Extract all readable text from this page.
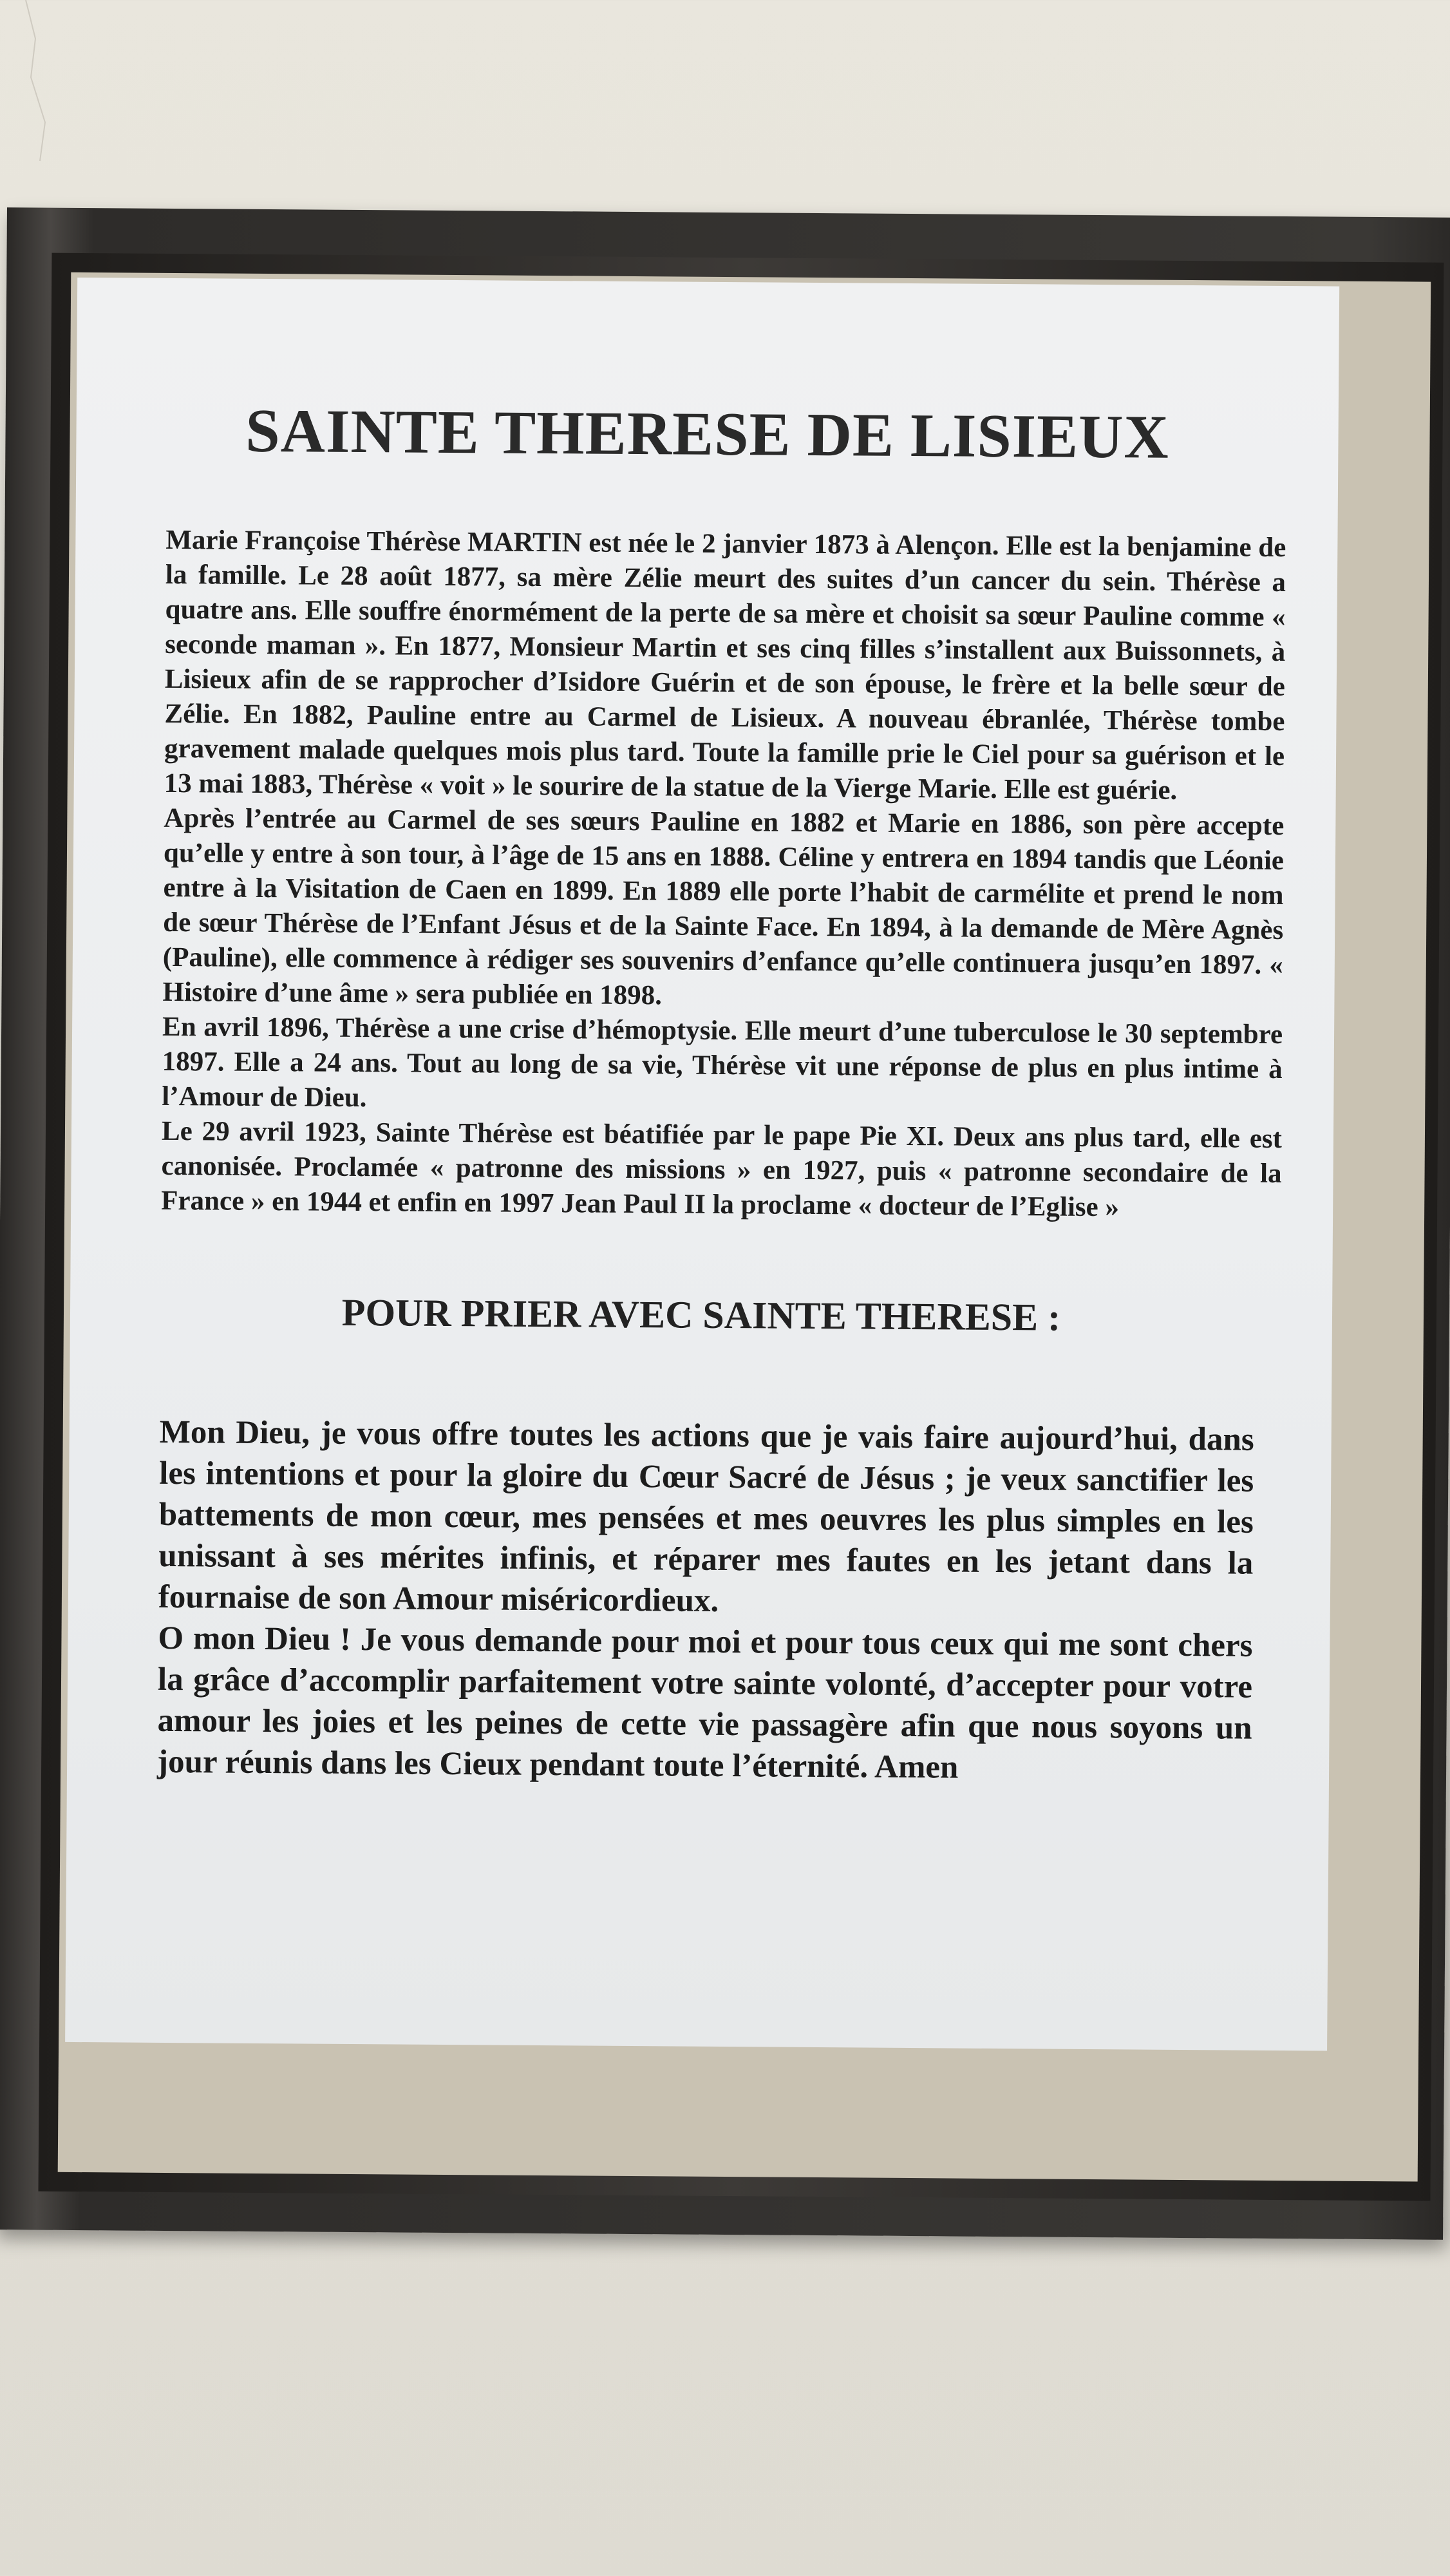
SAINTE THERESE DE LISIEUX

Marie Françoise Thérèse MARTIN est née le 2 janvier 1873 à Alençon. Elle est la benjamine de la famille. Le 28 août 1877, sa mère Zélie meurt des suites d’un cancer du sein. Thérèse a quatre ans. Elle souffre énormément de la perte de sa mère et choisit sa sœur Pauline comme « seconde maman ». En 1877, Monsieur Martin et ses cinq filles s’installent aux Buissonnets, à Lisieux afin de se rapprocher d’Isidore Guérin et de son épouse, le frère et la belle sœur de Zélie. En 1882, Pauline entre au Carmel de Lisieux. A nouveau ébranlée, Thérèse tombe gravement malade quelques mois plus tard. Toute la famille prie le Ciel pour sa guérison et le 13 mai 1883, Thérèse « voit » le sourire de la statue de la Vierge Marie. Elle est guérie.

Après l’entrée au Carmel de ses sœurs Pauline en 1882 et Marie en 1886, son père accepte qu’elle y entre à son tour, à l’âge de 15 ans en 1888. Céline y entrera en 1894 tandis que Léonie entre à la Visitation de Caen en 1899. En 1889 elle porte l’habit de carmélite et prend le nom de sœur Thérèse de l’Enfant Jésus et de la Sainte Face. En 1894, à la demande de Mère Agnès (Pauline), elle commence à rédiger ses souvenirs d’enfance qu’elle continuera jusqu’en 1897. « Histoire d’une âme » sera publiée en 1898.

En avril 1896, Thérèse a une crise d’hémoptysie. Elle meurt d’une tuberculose le 30 septembre 1897. Elle a 24 ans. Tout au long de sa vie, Thérèse vit une réponse de plus en plus intime à l’Amour de Dieu.

Le 29 avril 1923, Sainte Thérèse est béatifiée par le pape Pie XI. Deux ans plus tard, elle est canonisée. Proclamée « patronne des missions » en 1927, puis « patronne secondaire de la France » en 1944 et enfin en 1997 Jean Paul II la proclame « docteur de l’Eglise »

POUR PRIER AVEC SAINTE THERESE :

Mon Dieu, je vous offre toutes les actions que je vais faire aujourd’hui, dans les intentions et pour la gloire du Cœur Sacré de Jésus ; je veux sanctifier les battements de mon cœur, mes pensées et mes oeuvres les plus simples en les unissant à ses mérites infinis, et réparer mes fautes en les jetant dans la fournaise de son Amour miséricordieux.

O mon Dieu ! Je vous demande pour moi et pour tous ceux qui me sont chers la grâce d’accomplir parfaitement votre sainte volonté, d’accepter pour votre amour les joies et les peines de cette vie passagère afin que nous soyons un jour réunis dans les Cieux pendant toute l’éternité. Amen
